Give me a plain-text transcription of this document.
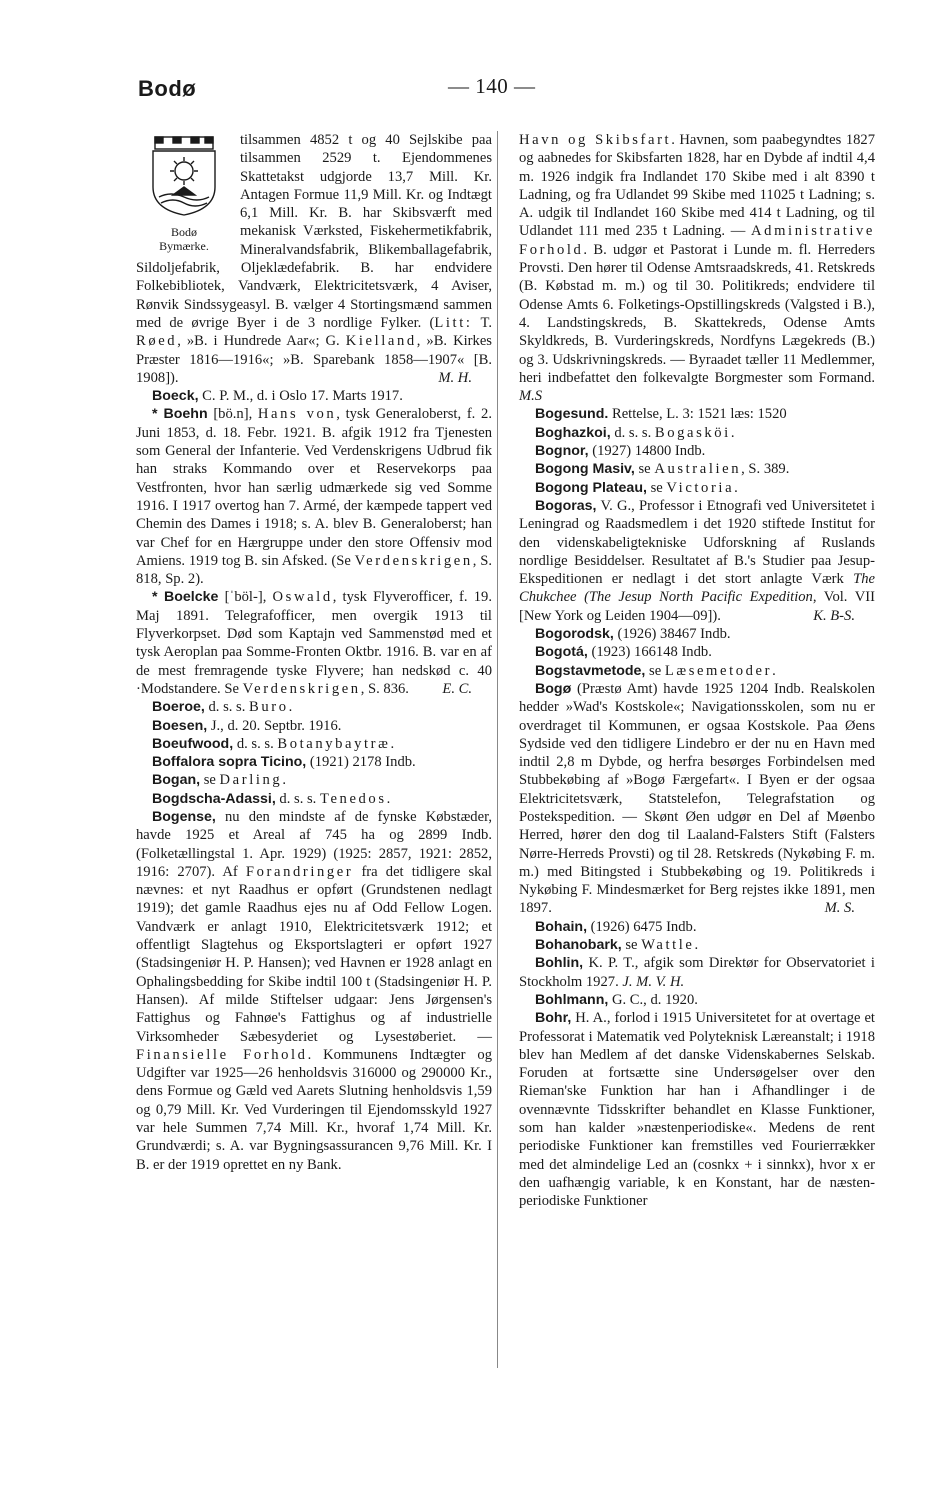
Bodø	— 140 —

Bodø
Bymærke.
tilsammen 4852 t og 40 Sejlskibe paa tilsammen 2529 t. Ejendommenes Skattetakst udgjorde 13,7 Mill. Kr. Antagen Formue 11,9 Mill. Kr. og Indtægt 6,1 Mill. Kr. B. har Skibsværft med mekanisk Værksted, Fiskehermetikfabrik, Mineralvandsfabrik, Blikemballagefabrik, Sildoljefabrik, Oljeklædefabrik. B. har endvidere Folkebibliotek, Vandværk, Elektricitetsværk, 4 Aviser, Rønvik Sindssygeasyl. B. vælger 4 Stortingsmænd sammen med de øvrige Byer i de 3 nordlige Fylker. (Litt: T. Røed, »B. i Hundrede Aar«; G. Kielland, »B. Kirkes Præster 1816—1916«; »B. Sparebank 1858—1907« [B. 1908]).	M. H.

Boeck, C. P. M., d. i Oslo 17. Marts 1917.

* Boehn [bö.n], Hans von, tysk Generaloberst, f. 2. Juni 1853, d. 18. Febr. 1921. B. afgik 1912 fra Tjenesten som General der Infanterie. Ved Verdenskrigens Udbrud fik han straks Kommando over et Reservekorps paa Vestfronten, hvor han særlig udmærkede sig ved Somme 1916. I 1917 overtog han 7. Armé, der kæmpede tappert ved Chemin des Dames i 1918; s. A. blev B. Generaloberst; han var Chef for en Hærgruppe under den store Offensiv mod Amiens. 1919 tog B. sin Afsked. (Se Verdenskrigen, S. 818, Sp. 2).

* Boelcke [ˈböl-], Oswald, tysk Flyverofficer, f. 19. Maj 1891. Telegrafofficer, men overgik 1913 til Flyverkorpset. Død som Kaptajn ved Sammenstød med et tysk Aeroplan paa Somme-Fronten Oktbr. 1916. B. var en af de mest fremragende tyske Flyvere; han nedskød c. 40 ·Modstandere. Se Verdenskrigen, S. 836.	E. C.

Boeroe, d. s. s. Buro.

Boesen, J., d. 20. Septbr. 1916.

Boeufwood, d. s. s. Botanybaytræ.

Boffalora sopra Ticino, (1921) 2178 Indb.

Bogan, se Darling.

Bogdscha-Adassi, d. s. s. Tenedos.

Bogense, nu den mindste af de fynske Købstæder, havde 1925 et Areal af 745 ha og 2899 Indb. (Folketællingstal 1. Apr. 1929) (1925: 2857, 1921: 2852, 1916: 2707). Af Forandringer fra det tidligere skal nævnes: et nyt Raadhus er opført (Grundstenen nedlagt 1919); det gamle Raadhus ejes nu af Odd Fellow Logen. Vandværk er anlagt 1910, Elektricitetsværk 1912; et offentligt Slagtehus og Eksportslagteri er opført 1927 (Stadsingeniør H. P. Hansen); ved Havnen er 1928 anlagt en Ophalingsbedding for Skibe indtil 100 t (Stadsingeniør H. P. Hansen). Af milde Stiftelser udgaar: Jens Jørgensen's Fattighus og Fahnøe's Fattighus og af industrielle Virksomheder Sæbesyderiet og Lysestøberiet. — Finansielle Forhold. Kommunens Indtægter og Udgifter var 1925—26 henholdsvis 316000 og 290000 Kr., dens Formue og Gæld ved Aarets Slutning henholdsvis 1,59 og 0,79 Mill. Kr. Ved Vurderingen til Ejendomsskyld 1927 var hele Summen 7,74 Mill. Kr., hvoraf 1,74 Mill. Kr. Grundværdi; s. A. var Bygningsassurancen 9,76 Mill. Kr. I B. er der 1919 oprettet en ny Bank.

Havn og Skibsfart. Havnen, som paabegyndtes 1827 og aabnedes for Skibsfarten 1828, har en Dybde af indtil 4,4 m. 1926 indgik fra Indlandet 170 Skibe med i alt 8390 t Ladning, og fra Udlandet 99 Skibe med 11025 t Ladning; s. A. udgik til Indlandet 160 Skibe med 414 t Ladning, og til Udlandet 111 med 235 t Ladning. — Administrative Forhold. B. udgør et Pastorat i Lunde m. fl. Herreders Provsti. Den hører til Odense Amtsraadskreds, 41. Retskreds (B. Købstad m. m.) og til 30. Politikreds; endvidere til Odense Amts 6. Folketings-Opstillingskreds (Valgsted i B.), 4. Landstingskreds, B. Skattekreds, Odense Amts Skyldkreds, B. Vurderingskreds, Nordfyns Lægekreds (B.) og 3. Udskrivningskreds. — Byraadet tæller 11 Medlemmer, heri indbefattet den folkevalgte Borgmester som Formand. M.S

Bogesund. Rettelse, L. 3: 1521 læs: 1520

Boghazkoi, d. s. s. Bogasköi.

Bognor, (1927) 14800 Indb.

Bogong Masiv, se Australien, S. 389.

Bogong Plateau, se Victoria.

Bogoras, V. G., Professor i Etnografi ved Universitetet i Leningrad og Raadsmedlem i det 1920 stiftede Institut for den videnskabeligtekniske Udforskning af Ruslands nordlige Besiddelser. Resultatet af B.'s Studier paa Jesup-Ekspeditionen er nedlagt i det stort anlagte Værk The Chukchee (The Jesup North Pacific Expedition, Vol. VII [New York og Leiden 1904—09]).	K. B-S.

Bogorodsk, (1926) 38467 Indb.

Bogotá, (1923) 166148 Indb.

Bogstavmetode, se Læsemetoder.

Bogø (Præstø Amt) havde 1925 1204 Indb. Realskolen hedder »Wad's Kostskole«; Navigationsskolen, som nu er overdraget til Kommunen, er ogsaa Kostskole. Paa Øens Sydside ved den tidligere Lindebro er der nu en Havn med indtil 2,8 m Dybde, og herfra besørges Forbindelsen med Stubbekøbing af »Bogø Færgefart«. I Byen er der ogsaa Elektricitetsværk, Statstelefon, Telegrafstation og Postekspedition. — Skønt Øen udgør en Del af Møenbo Herred, hører den dog til Laaland-Falsters Stift (Falsters Nørre-Herreds Provsti) og til 28. Retskreds (Nykøbing F. m. m.) med Bitingsted i Stubbekøbing og 19. Politikreds i Nykøbing F. Mindesmærket for Berg rejstes ikke 1891, men 1897.	M. S.

Bohain, (1926) 6475 Indb.

Bohanobark, se Wattle.

Bohlin, K. P. T., afgik som Direktør for Observatoriet i Stockholm 1927. J. M. V. H.

Bohlmann, G. C., d. 1920.

Bohr, H. A., forlod i 1915 Universitetet for at overtage et Professorat i Matematik ved Polyteknisk Læreanstalt; i 1918 blev han Medlem af det danske Videnskabernes Selskab. Foruden at fortsætte sine Undersøgelser over den Rieman'ske Funktion har han i Afhandlinger i de ovennævnte Tidsskrifter behandlet en Klasse Funktioner, som han kalder »næstenperiodiske«. Medens de rent periodiske Funktioner kan fremstilles ved Fourierrækker med det almindelige Led an (cosnkx + i sinnkx), hvor x er den uafhængig variable, k en Konstant, har de næsten-periodiske Funktioner
